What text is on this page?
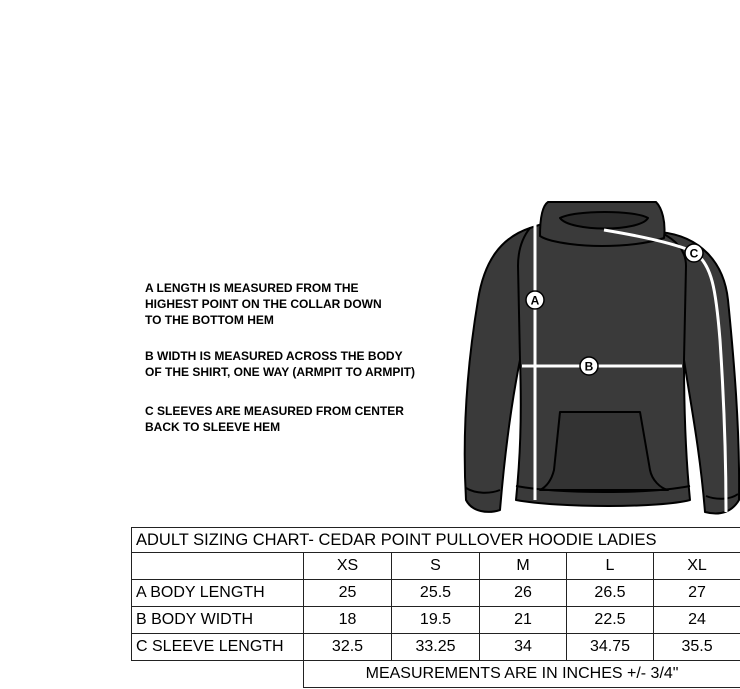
A LENGTH IS MEASURED FROM THE
HIGHEST POINT ON THE COLLAR DOWN
TO THE BOTTOM HEM

B WIDTH IS MEASURED ACROSS THE BODY
OF THE SHIRT, ONE WAY (ARMPIT TO ARMPIT)

C SLEEVES ARE MEASURED FROM CENTER
BACK TO SLEEVE HEM

A
B
C
ADULT SIZING CHART- CEDAR POINT PULLOVER HOODIE LADIES					
	XS	S	M	L	XL
A BODY LENGTH	25	25.5	26	26.5	27
B BODY WIDTH	18	19.5	21	22.5	24
C SLEEVE LENGTH	32.5	33.25	34	34.75	35.5
	MEASUREMENTS ARE IN INCHES +/- 3/4"				
